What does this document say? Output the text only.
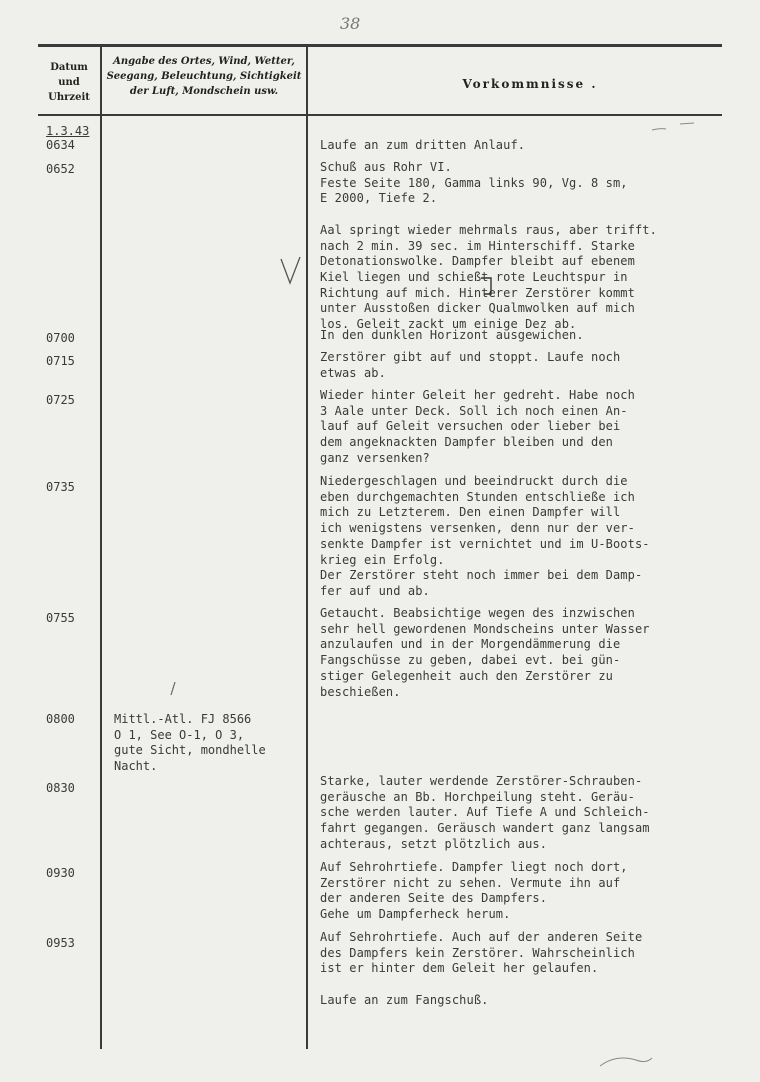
38
Datum
und
Uhrzeit
Angabe des Ortes, Wind, Wetter,
Seegang, Beleuchtung, Sichtigkeit
der Luft, Mondschein usw.
Vorkommnisse .
1.3.43
0634
0652
0700
0715
0725
0735
0755
0800
0830
0930
0953
Mittl.-Atl. FJ 8566
O 1, See O-1, O 3,
gute Sicht, mondhelle
Nacht.
Laufe an zum dritten Anlauf.
Schuß aus Rohr VI.
Feste Seite 180, Gamma links 90, Vg. 8 sm,
E 2000, Tiefe 2.

Aal springt wieder mehrmals raus, aber trifft.
nach 2 min. 39 sec. im Hinterschiff. Starke
Detonationswolke. Dampfer bleibt auf ebenem
Kiel liegen und schießt rote Leuchtspur in
Richtung auf mich. Hinterer Zerstörer kommt
unter Ausstoßen dicker Qualmwolken auf mich
los. Geleit zackt um einige Dez ab.
In den dunklen Horizont ausgewichen.
Zerstörer gibt auf und stoppt. Laufe noch
etwas ab.
Wieder hinter Geleit her gedreht. Habe noch
3 Aale unter Deck. Soll ich noch einen An-
lauf auf Geleit versuchen oder lieber bei
dem angeknackten Dampfer bleiben und den
ganz versenken?
Niedergeschlagen und beeindruckt durch die
eben durchgemachten Stunden entschließe ich
mich zu Letzterem. Den einen Dampfer will
ich wenigstens versenken, denn nur der ver-
senkte Dampfer ist vernichtet und im U-Boots-
krieg ein Erfolg.
Der Zerstörer steht noch immer bei dem Damp-
fer auf und ab.
Getaucht. Beabsichtige wegen des inzwischen
sehr hell gewordenen Mondscheins unter Wasser
anzulaufen und in der Morgendämmerung die
Fangschüsse zu geben, dabei evt. bei gün-
stiger Gelegenheit auch den Zerstörer zu
beschießen.
Starke, lauter werdende Zerstörer-Schrauben-
geräusche an Bb. Horchpeilung steht. Geräu-
sche werden lauter. Auf Tiefe A und Schleich-
fahrt gegangen. Geräusch wandert ganz langsam
achteraus, setzt plötzlich aus.
Auf Sehrohrtiefe. Dampfer liegt noch dort,
Zerstörer nicht zu sehen. Vermute ihn auf
der anderen Seite des Dampfers.
Gehe um Dampferheck herum.
Auf Sehrohrtiefe. Auch auf der anderen Seite
des Dampfers kein Zerstörer. Wahrscheinlich
ist er hinter dem Geleit her gelaufen.

Laufe an zum Fangschuß.
